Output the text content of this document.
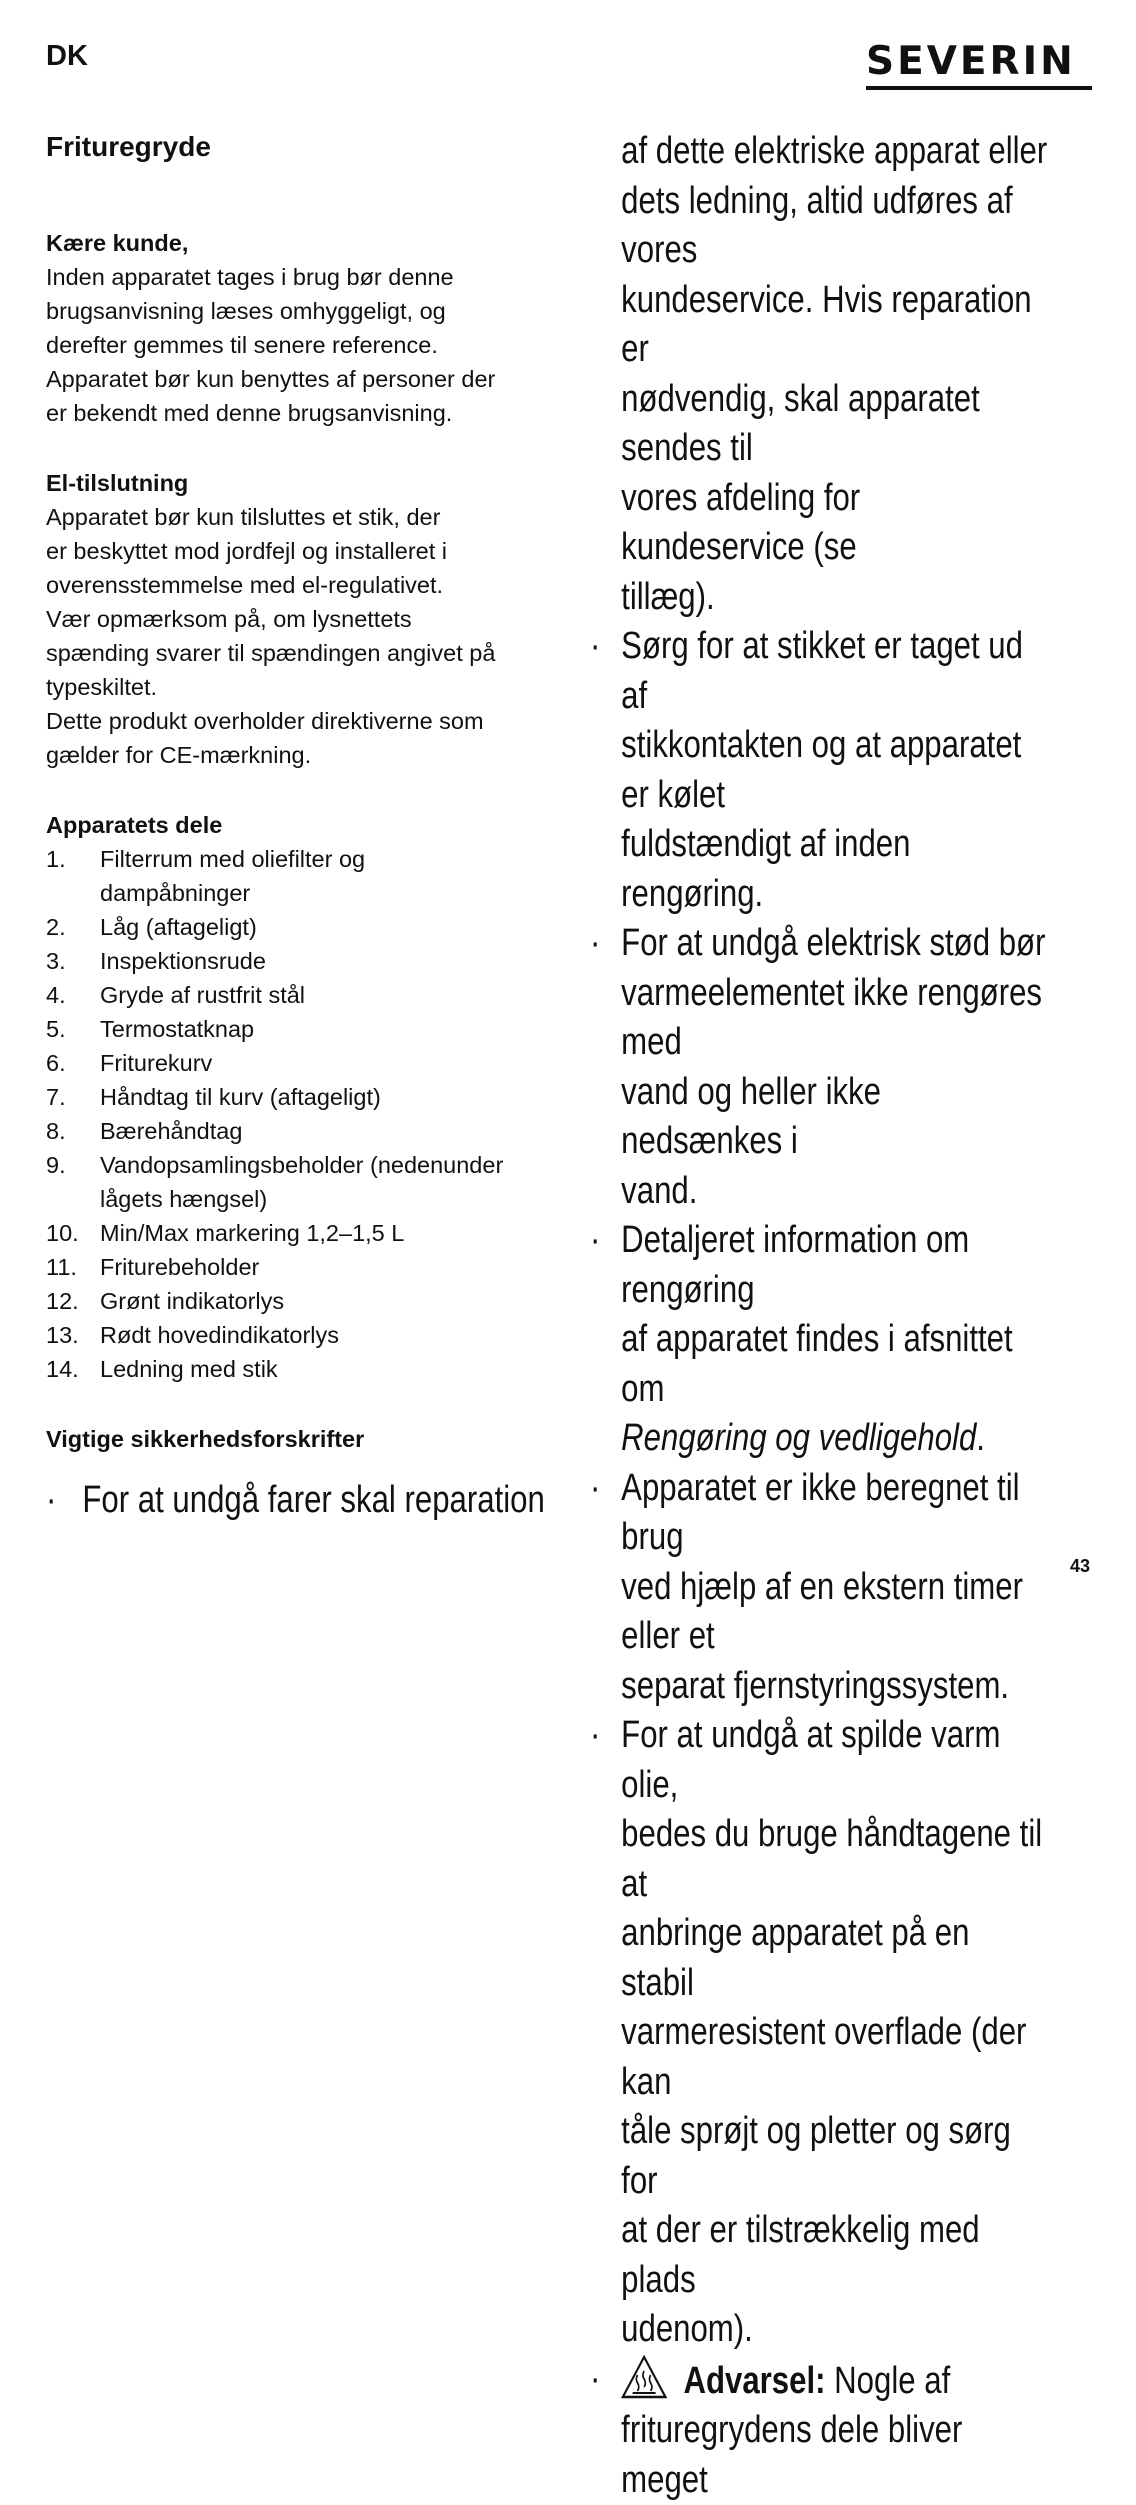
DK	SEVERIN
Frituregryde
Kære kunde,

Inden apparatet tages i brug bør denne

brugsanvisning læses omhyggeligt, og

derefter gemmes til senere reference.

Apparatet bør kun benyttes af personer der

er bekendt med denne brugsanvisning.

El-tilslutning

Apparatet bør kun tilsluttes et stik, der

er beskyttet mod jordfejl og installeret i

overensstemmelse med el-regulativet.

Vær opmærksom på, om lysnettets

spænding svarer til spændingen angivet på

typeskiltet.

Dette produkt overholder direktiverne som

gælder for CE-mærkning.

Apparatets dele
1.	Filterrum med oliefilter og
dampåbninger
2.	Låg (aftageligt)
3.	Inspektionsrude
4.	Gryde af rustfrit stål
5.	Termostatknap
6.	Friturekurv
7.	Håndtag til kurv (aftageligt)
8.	Bærehåndtag
9.	Vandopsamlingsbeholder (nedenunder
lågets hængsel)
10. Min/Max markering 1,2–1,5 L
11. Friturebeholder
12. Grønt indikatorlys
13. Rødt hovedindikatorlys
14. Ledning med stik
Vigtige sikkerhedsforskrifter
· For at undgå farer skal reparation
af dette elektriske apparat eller
dets ledning, altid udføres af vores
kundeservice. Hvis reparation er
nødvendig, skal apparatet sendes til
vores afdeling for kundeservice (se
tillæg).
· Sørg for at stikket er taget ud af
stikkontakten og at apparatet er kølet
fuldstændigt af inden rengøring.
· For at undgå elektrisk stød bør
varmeelementet ikke rengøres med
vand og heller ikke nedsænkes i
vand.
· Detaljeret information om rengøring
af apparatet findes i afsnittet om
Rengøring og vedligehold.
· Apparatet er ikke beregnet til brug
ved hjælp af en ekstern timer eller et
separat fjernstyringssystem.
· For at undgå at spilde varm olie,
bedes du bruge håndtagene til at
anbringe apparatet på en stabil
varmeresistent overflade (der kan
tåle sprøjt og pletter og sørg for
at der er tilstrækkelig med plads
udenom).
·	Advarsel: Nogle af
frituregrydens dele bliver meget
43
